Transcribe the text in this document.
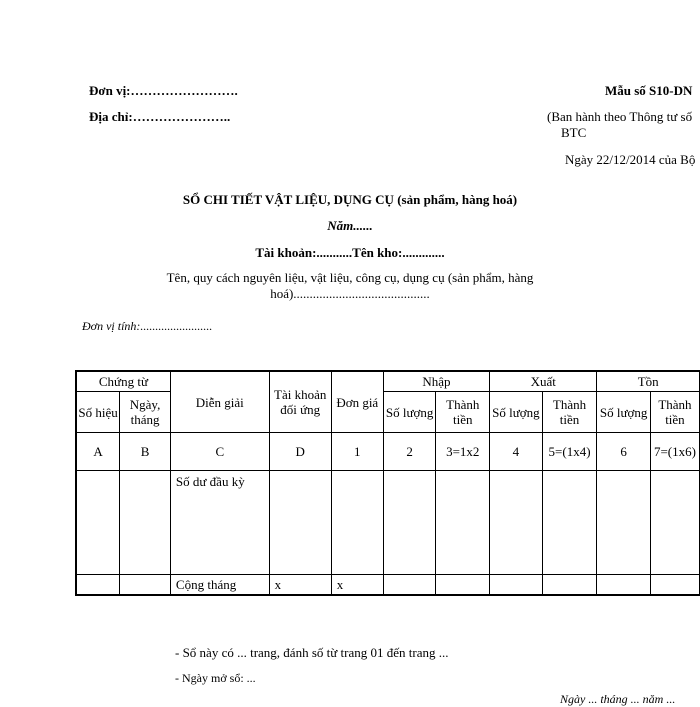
Đơn vị:…………………….
Địa chỉ:…………………..
Mẫu số S10-DN
(Ban hành theo Thông tư số
BTC
Ngày 22/12/2014 của Bộ
SỔ CHI TIẾT VẬT LIỆU, DỤNG CỤ (sản phẩm, hàng hoá)
Năm......
Tài khoản:...........Tên kho:.............
Tên, quy cách nguyên liệu, vật liệu, công cụ, dụng cụ (sản phẩm, hàng hoá)..........................................
Đơn vị tính:........................
Chứng từ		Diễn giải	Tài khoản đối ứng	Đơn giá	Nhập		Xuất		Tồn	
Số hiệu	Ngày, tháng				Số lượng	Thành tiền	Số lượng	Thành tiền	Số lượng	Thành tiền
A	B	C	D	1	2	3=1x2	4	5=(1x4)	6	7=(1x6)
		Số dư đầu kỳ								
		Cộng tháng	x	x						
- Sổ này có ... trang, đánh số từ trang 01 đến trang ...
- Ngày mở sổ: ...
Ngày ... tháng ... năm ...
